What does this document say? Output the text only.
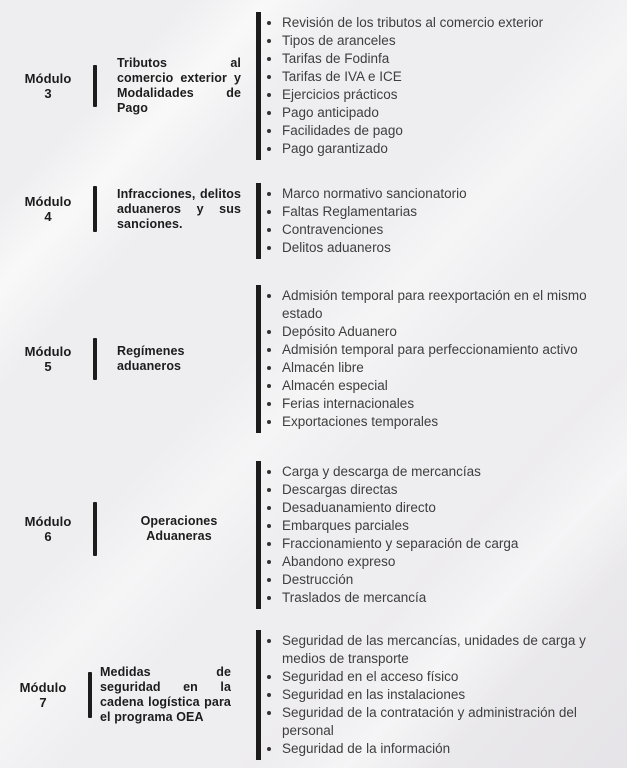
Módulo
3
Tributos al comercio exterior y Modalidades de Pago
Revisión de los tributos al comercio exterior
Tipos de aranceles
Tarifas de Fodinfa
Tarifas de IVA e ICE
Ejercicios prácticos
Pago anticipado
Facilidades de pago
Pago garantizado
Módulo
4
Infracciones, delitos aduaneros y sus sanciones.
Marco normativo sancionatorio
Faltas Reglamentarias
Contravenciones
Delitos aduaneros
Módulo
5
Regímenes aduaneros
Admisión temporal para reexportación en el mismo estado
Depósito Aduanero
Admisión temporal para perfeccionamiento activo
Almacén libre
Almacén especial
Ferias internacionales
Exportaciones temporales
Módulo
6
Operaciones Aduaneras
Carga y descarga de mercancías
Descargas directas
Desaduanamiento directo
Embarques parciales
Fraccionamiento y separación de carga
Abandono expreso
Destrucción
Traslados de mercancía
Módulo
7
Medidas de seguridad en la cadena logística para el programa OEA
Seguridad de las mercancías, unidades de carga y medios de transporte
Seguridad en el acceso físico
Seguridad en las instalaciones
Seguridad de la contratación y administración del personal
Seguridad de la información
